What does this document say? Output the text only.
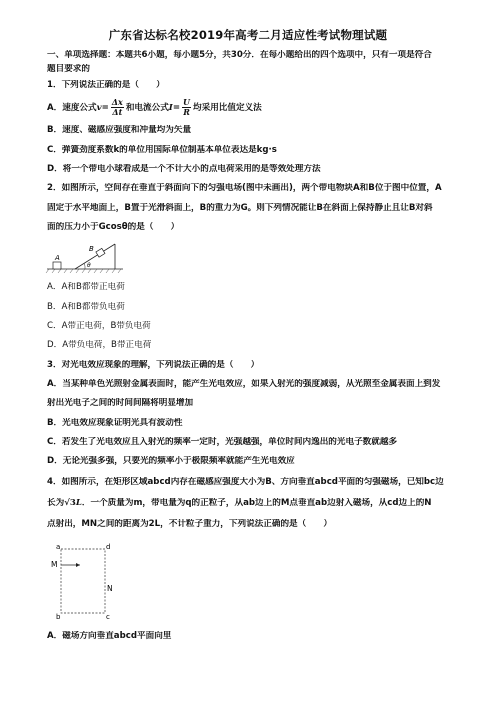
广东省达标名校2019年高考二月适应性考试物理试题
一、单项选择题：本题共6小题，每小题5分，共30分．在每小题给出的四个选项中，只有一项是符合
题目要求的
1．下列说法正确的是（　　）
A．速度公式$v= \frac{\Delta x}{\Delta t}$ 和电流公式$I= \frac{U}{R}$ 均采用比值定义法
B．速度、磁感应强度和冲量均为矢量
C．弹簧劲度系数k的单位用国际单位制基本单位表达是kg·s
D．将一个带电小球看成是一个不计大小的点电荷采用的是等效处理方法
2．如图所示，空间存在垂直于斜面向下的匀强电场(图中未画出)，两个带电物块A和B位于图中位置，A
固定于水平地面上，B置于光滑斜面上，B的重力为G。则下列情况能让B在斜面上保持静止且让B对斜
面的压力小于Gcosθ的是（　　）
A
B
θ
A．A和B都带正电荷
B．A和B都带负电荷
C．A带正电荷，B带负电荷
D．A带负电荷，B带正电荷
3．对光电效应现象的理解，下列说法正确的是（　　）
A．当某种单色光照射金属表面时，能产生光电效应，如果入射光的强度减弱，从光照至金属表面上到发
射出光电子之间的时间间隔将明显增加
B．光电效应现象证明光具有波动性
C．若发生了光电效应且入射光的频率一定时，光强越强，单位时间内逸出的光电子数就越多
D．无论光强多强，只要光的频率小于极限频率就能产生光电效应
4．如图所示，在矩形区域abcd内存在磁感应强度大小为B、方向垂直abcd平面的匀强磁场，已知bc边
长为√3L．一个质量为m，带电量为q的正粒子，从ab边上的M点垂直ab边射入磁场，从cd边上的N
点射出，MN之间的距离为2L，不计粒子重力，下列说法正确的是（　　）
a	d
b	c
M
N
A．磁场方向垂直abcd平面向里
